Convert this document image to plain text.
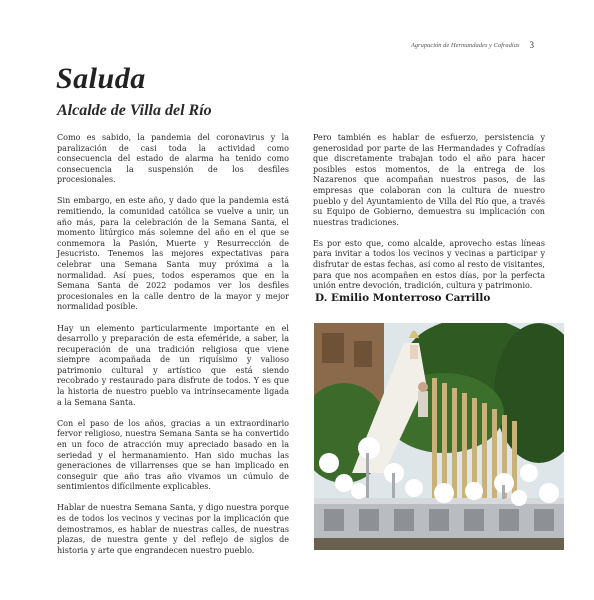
Agrupación de Hermandades y Cofradías 3
Saluda
Alcalde de Villa del Río

Como es sabido, la pandemia del coronavirus y la paralización de casi toda la actividad como consecuencia del estado de alarma ha tenido como consecuencia la suspensión de los desfiles procesionales.

Sin embargo, en este año, y dado que la pandemia está remitiendo, la comunidad católica se vuelve a unir, un año más, para la celebración de la Semana Santa, el momento litúrgico más solemne del año en el que se conmemora la Pasión, Muerte y Resurrección de Jesucristo. Tenemos las mejores expectativas para celebrar una Semana Santa muy próxima a la normalidad. Así pues, todos esperamos que en la Semana Santa de 2022 podamos ver los desfiles procesionales en la calle dentro de la mayor y mejor normalidad posible.

Hay un elemento particularmente importante en el desarrollo y preparación de esta efeméride, a saber, la recuperación de una tradición religiosa que viene siempre acompañada de un riquísimo y valioso patrimonio cultural y artístico que está siendo recobrado y restaurado para disfrute de todos. Y es que la historia de nuestro pueblo va intrínsecamente ligada a la Semana Santa.

Con el paso de los años, gracias a un extraordinario fervor religioso, nuestra Semana Santa se ha convertido en un foco de atracción muy apreciado basado en la seriedad y el hermanamiento. Han sido muchas las generaciones de villarrenses que se han implicado en conseguir que año tras año vivamos un cúmulo de sentimientos difícilmente explicables.

Hablar de nuestra Semana Santa, y digo nuestra porque es de todos los vecinos y vecinas por la implicación que demostramos, es hablar de nuestras calles, de nuestras plazas, de nuestra gente y del reflejo de siglos de historia y arte que engrandecen nuestro pueblo.

Pero también es hablar de esfuerzo, persistencia y generosidad por parte de las Hermandades y Cofradías que discretamente trabajan todo el año para hacer posibles estos momentos, de la entrega de los Nazarenos que acompañan nuestros pasos, de las empresas que colaboran con la cultura de nuestro pueblo y del Ayuntamiento de Villa del Río que, a través su Equipo de Gobierno, demuestra su implicación con nuestras tradiciones.

Es por esto que, como alcalde, aprovecho estas líneas para invitar a todos los vecinos y vecinas a participar y disfrutar de estas fechas, así como al resto de visitantes, para que nos acompañen en estos días, por la perfecta unión entre devoción, tradición, cultura y patrimonio.

D. Emilio Monterroso Carrillo
